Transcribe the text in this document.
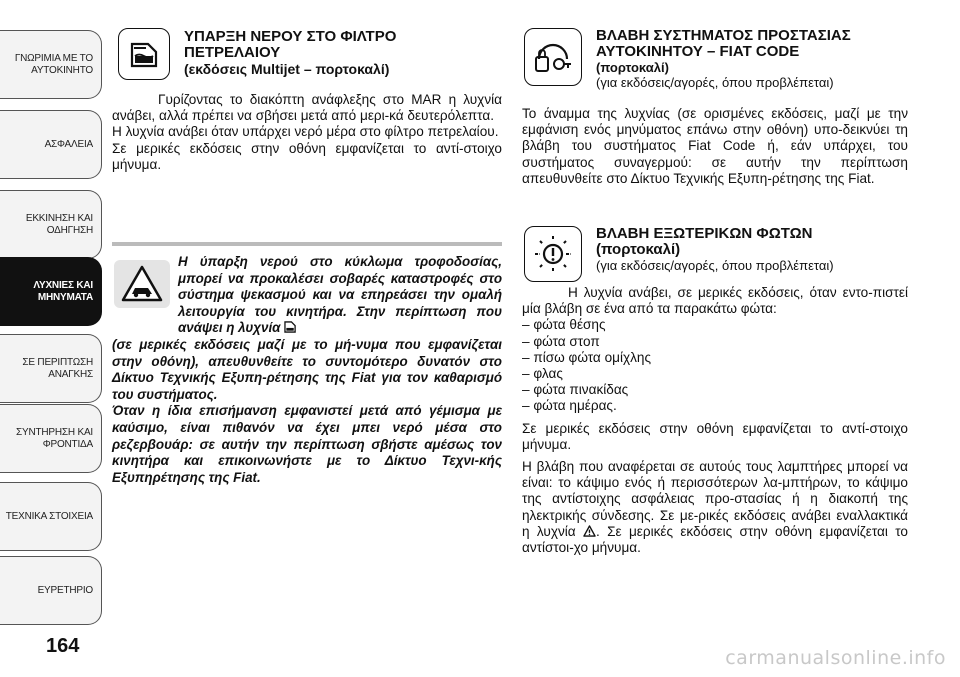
ΓΝΩΡΙΜΙΑ ΜΕ ΤΟ
ΑΥΤΟΚΙΝΗΤΟ
ΑΣΦΑΛΕΙΑ
ΕΚΚΙΝΗΣΗ ΚΑΙ
ΟΔΗΓΗΣΗ
ΛΥΧΝΙΕΣ ΚΑΙ
ΜΗΝΥΜΑΤΑ
ΣΕ ΠΕΡΙΠΤΩΣΗ
ΑΝΑΓΚΗΣ
ΣΥΝΤΗΡΗΣΗ ΚΑΙ
ΦΡΟΝΤΙΔΑ
ΤΕΧΝΙΚΑ ΣΤΟΙΧΕΙΑ
ΕΥΡΕΤΗΡΙΟ
164
ΥΠΑΡΞΗ ΝΕΡΟΥ ΣΤΟ ΦΙΛΤΡΟ
ΠΕΤΡΕΛΑΙΟΥ
(εκδόσεις Multijet – πορτοκαλί)

Γυρίζοντας το διακόπτη ανάφλεξης στο MAR η λυχνία ανάβει, αλλά πρέπει να σβήσει μετά από μερι-κά δευτερόλεπτα.

Η λυχνία ανάβει όταν υπάρχει νερό μέρα στο φίλτρο πετρελαίου.

Σε μερικές εκδόσεις στην οθόνη εμφανίζεται το αντί-στοιχο μήνυμα.

Η ύπαρξη νερού στο κύκλωμα τροφοδοσίας, μπορεί να προκαλέσει σοβαρές καταστροφές στο σύστημα ψεκασμού και να επηρεάσει την ομαλή λειτουργία του κινητήρα. Στην περίπτωση που ανάψει η λυχνία
(σε μερικές εκδόσεις μαζί με το μή-νυμα που εμφανίζεται στην οθόνη), απευθυνθείτε το συντομότερο δυνατόν στο Δίκτυο Τεχνικής Εξυπη-ρέτησης της Fiat για τον καθαρισμό του συστήματος.
Όταν η ίδια επισήμανση εμφανιστεί μετά από γέμισμα με καύσιμο, είναι πιθανόν να έχει μπει νερό μέσα στο ρεζερβουάρ: σε αυτήν την περίπτωση σβήστε αμέσως τον κινητήρα και επικοινωνήστε με το Δίκτυο Τεχνι-κής Εξυπηρέτησης της Fiat.
ΒΛΑΒΗ ΣΥΣΤΗΜΑΤΟΣ ΠΡΟΣΤΑΣΙΑΣ
ΑΥΤΟΚΙΝΗΤΟΥ – FIAT CODE
(πορτοκαλί)
(για εκδόσεις/αγορές, όπου προβλέπεται)

Το άναμμα της λυχνίας (σε ορισμένες εκδόσεις, μαζί με την εμφάνιση ενός μηνύματος επάνω στην οθόνη) υπο-δεικνύει τη βλάβη του συστήματος Fiat Code ή, εάν υπάρχει, του συστήματος συναγερμού: σε αυτήν την περίπτωση απευθυνθείτε στο Δίκτυο Τεχνικής Εξυπη-ρέτησης της Fiat.

ΒΛΑΒΗ ΕΞΩΤΕΡΙΚΩΝ ΦΩΤΩΝ
(πορτοκαλί)
(για εκδόσεις/αγορές, όπου προβλέπεται)

Η λυχνία ανάβει, σε μερικές εκδόσεις, όταν εντο-πιστεί μία βλάβη σε ένα από τα παρακάτω φώτα:

– φώτα θέσης
– φώτα στοπ
– πίσω φώτα ομίχλης
– φλας
– φώτα πινακίδας
– φώτα ημέρας.

Σε μερικές εκδόσεις στην οθόνη εμφανίζεται το αντί-στοιχο μήνυμα.

Η βλάβη που αναφέρεται σε αυτούς τους λαμπτήρες μπορεί να είναι: το κάψιμο ενός ή περισσότερων λα-μπτήρων, το κάψιμο της αντίστοιχης ασφάλειας προ-στασίας ή η διακοπή της ηλεκτρικής σύνδεσης. Σε με-ρικές εκδόσεις ανάβει εναλλακτικά η λυχνία . Σε μερικές εκδόσεις στην οθόνη εμφανίζεται το αντίστοι-χο μήνυμα.

carmanualsonline.info
